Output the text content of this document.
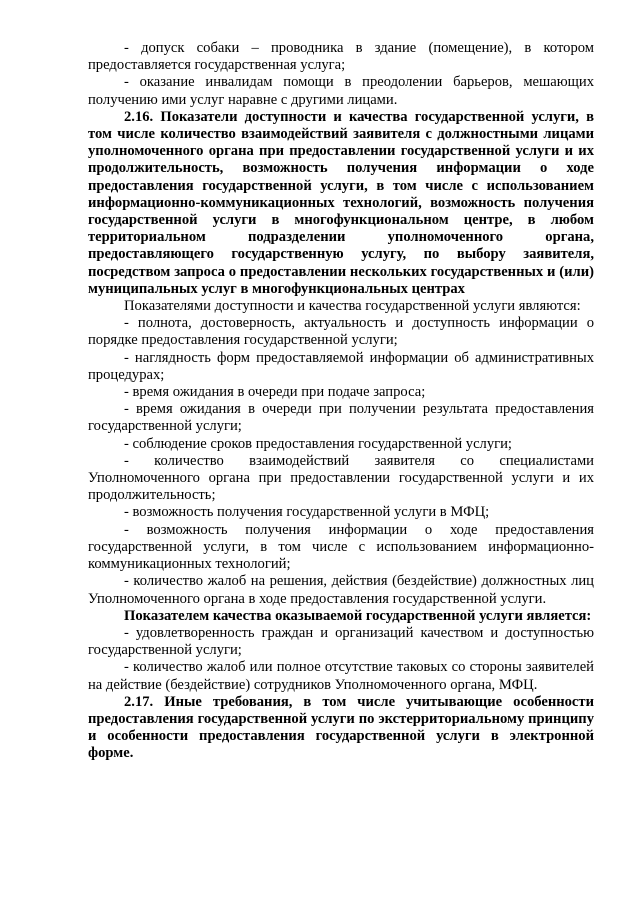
- допуск собаки – проводника в здание (помещение), в котором предоставляется государственная услуга;

- оказание инвалидам помощи в преодолении барьеров, мешающих получению ими услуг наравне с другими лицами.

2.16. Показатели доступности и качества государственной услуги, в том числе количество взаимодействий заявителя с должностными лицами уполномоченного органа при предоставлении государственной услуги и их продолжительность, возможность получения информации о ходе предоставления государственной услуги, в том числе с использованием информационно-коммуникационных технологий, возможность получения государственной услуги в многофункциональном центре, в любом территориальном подразделении уполномоченного органа, предоставляющего государственную услугу, по выбору заявителя, посредством запроса о предоставлении нескольких государственных и (или) муниципальных услуг в многофункциональных центрах

Показателями доступности и качества государственной услуги являются:

- полнота, достоверность, актуальность и доступность информации о порядке предоставления государственной услуги;

- наглядность форм предоставляемой информации об административных процедурах;

- время ожидания в очереди при подаче запроса;

- время ожидания в очереди при получении результата предоставления государственной услуги;

- соблюдение сроков предоставления государственной услуги;

- количество взаимодействий заявителя со специалистами Уполномоченного органа при предоставлении государственной услуги и их продолжительность;

- возможность получения государственной услуги в МФЦ;

- возможность получения информации о ходе предоставления государственной услуги, в том числе с использованием информационно-коммуникационных технологий;

- количество жалоб на решения, действия (бездействие) должностных лиц Уполномоченного органа в ходе предоставления государственной услуги.

Показателем качества оказываемой государственной услуги является:

- удовлетворенность граждан и организаций качеством и доступностью государственной услуги;

- количество жалоб или полное отсутствие таковых со стороны заявителей на действие (бездействие) сотрудников Уполномоченного органа, МФЦ.

2.17. Иные требования, в том числе учитывающие особенности предоставления государственной услуги по экстерриториальному принципу и особенности предоставления государственной услуги в электронной форме.
